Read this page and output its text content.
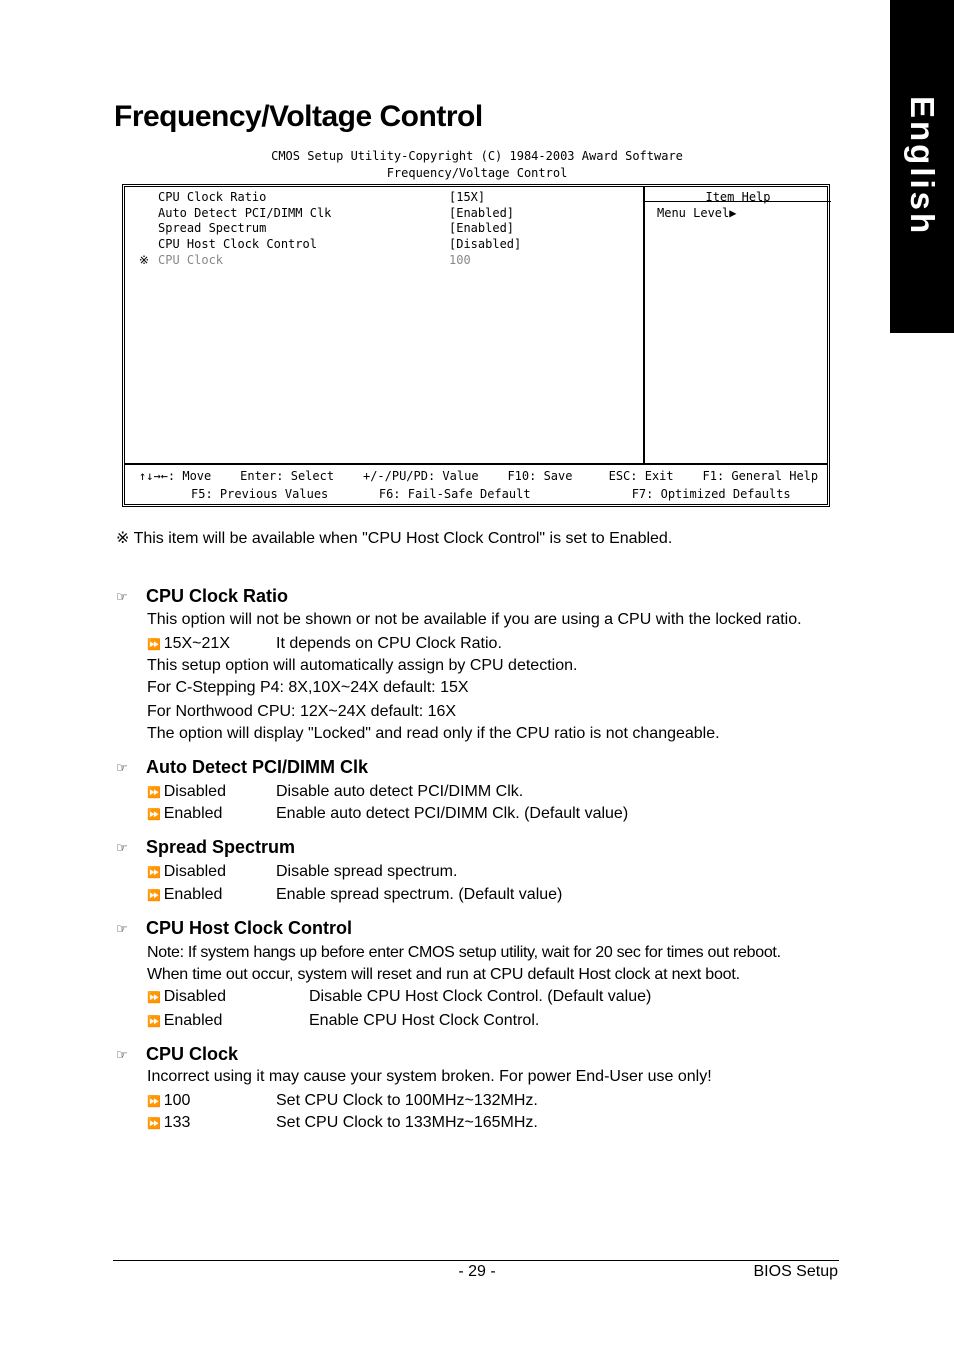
English
Frequency/Voltage Control
CMOS Setup Utility-Copyright (C) 1984-2003 Award Software
Frequency/Voltage Control
CPU Clock Ratio	[15X]
Auto Detect PCI/DIMM Clk	[Enabled]
Spread Spectrum	[Enabled]
CPU Host Clock Control	[Disabled]
※ CPU Clock	100
Item Help
Menu Level▶
↑↓→←: Move    Enter: Select    +/-/PU/PD: Value    F10: Save     ESC: Exit    F1: General Help
F5: Previous Values       F6: Fail-Safe Default              F7: Optimized Defaults
※ This item will be available when "CPU Host Clock Control" is set to Enabled.
☞	CPU Clock Ratio
This option will not be shown or not be available if you are using a CPU with the locked ratio.
⏩ 15X~21X	It depends on CPU Clock Ratio.
This setup option will automatically assign by CPU detection.
For C-Stepping P4: 8X,10X~24X default: 15X
For Northwood CPU: 12X~24X default: 16X
The option will display "Locked" and read only if the CPU ratio is not changeable.
☞	Auto Detect PCI/DIMM Clk
⏩ Disabled	Disable auto detect PCI/DIMM Clk.
⏩ Enabled	Enable auto detect PCI/DIMM Clk. (Default value)
☞	Spread Spectrum
⏩ Disabled	Disable spread spectrum.
⏩ Enabled	Enable spread spectrum. (Default value)
☞	CPU Host Clock Control
Note: If system hangs up before enter CMOS setup utility, wait for 20 sec for times out reboot.
When time out occur, system will reset and run at CPU default Host clock at next boot.
⏩ Disabled	Disable CPU Host Clock Control. (Default value)
⏩ Enabled	Enable CPU Host Clock Control.
☞	CPU Clock
Incorrect using it may cause your system broken. For power End-User use only!
⏩ 100	Set CPU Clock to 100MHz~132MHz.
⏩ 133	Set CPU Clock to 133MHz~165MHz.
- 29 -	BIOS Setup
